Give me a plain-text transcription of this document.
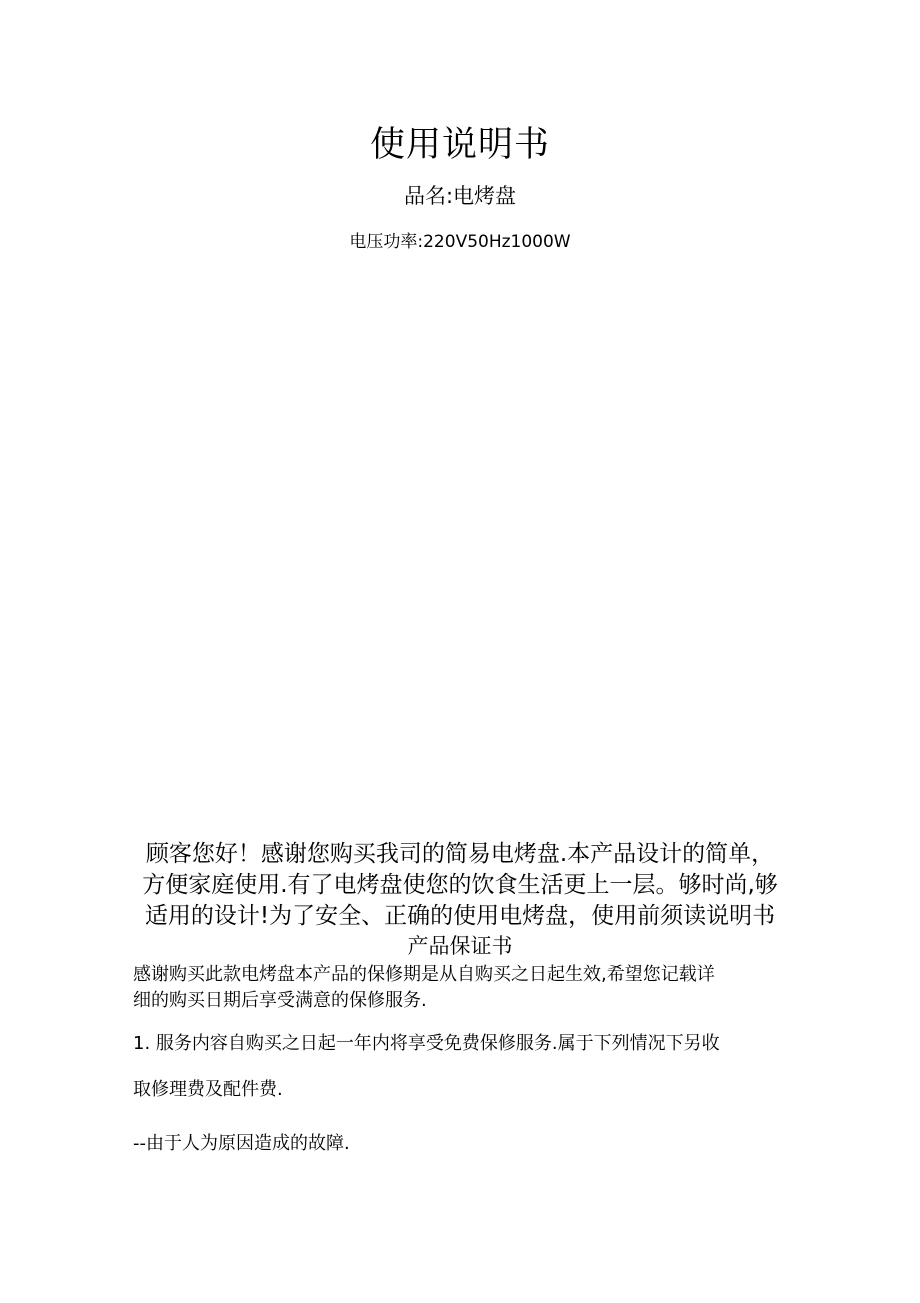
使用说明书
品名:电烤盘
电压功率:220V50Hz1000W
顾客您好！感谢您购买我司的简易电烤盘.本产品设计的简单，
方便家庭使用.有了电烤盘使您的饮食生活更上一层。够时尚,够
适用的设计!为了安全、正确的使用电烤盘，使用前须读说明书
产品保证书
感谢购买此款电烤盘本产品的保修期是从自购买之日起生效,希望您记载详
细的购买日期后享受满意的保修服务.
1. 服务内容自购买之日起一年内将享受免费保修服务.属于下列情况下另收
取修理费及配件费.
--由于人为原因造成的故障.
